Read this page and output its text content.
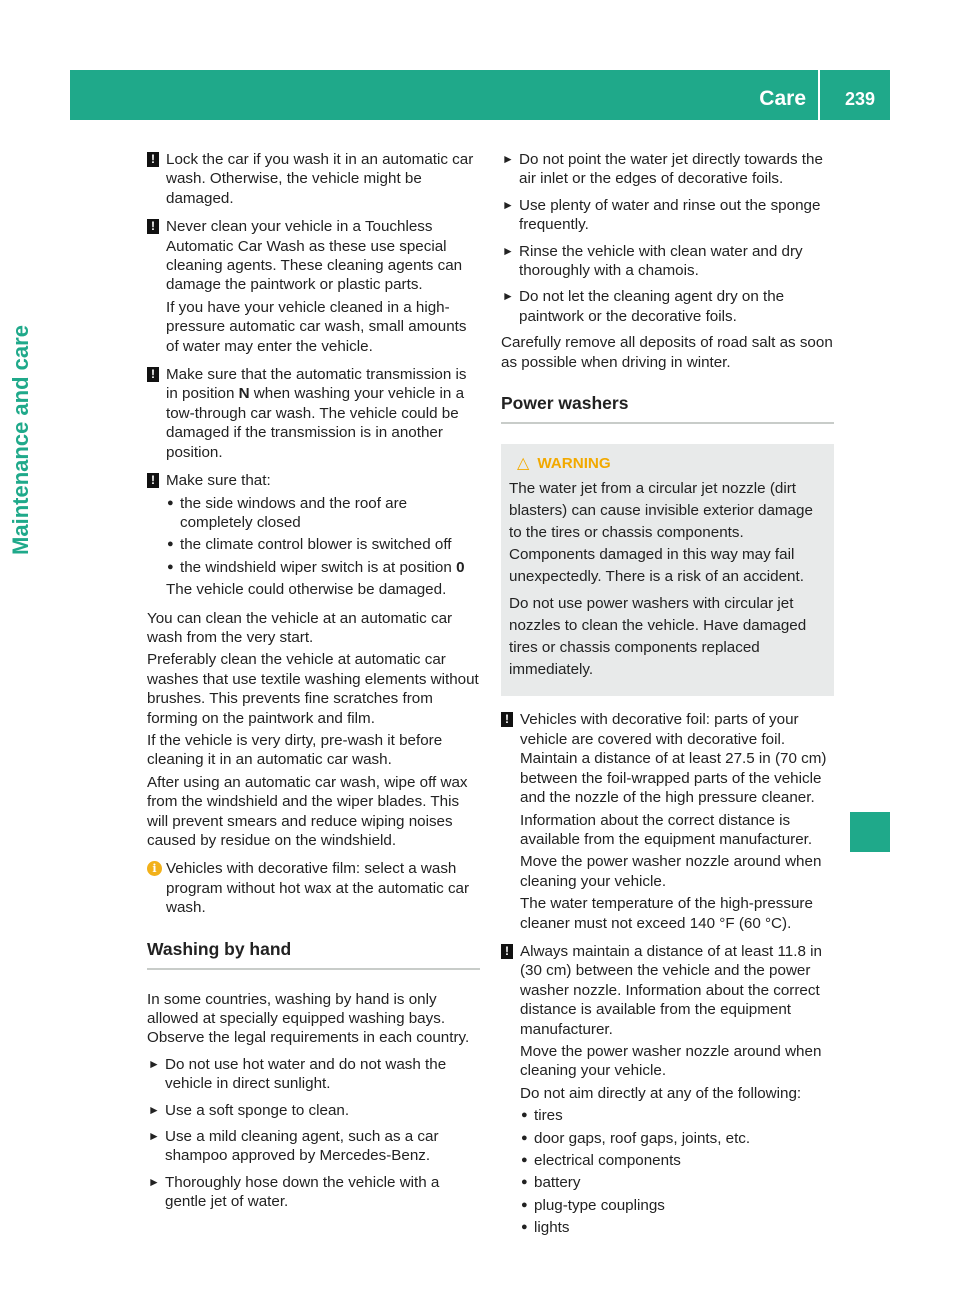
Care	239
Maintenance and care
! Lock the car if you wash it in an automatic car wash. Otherwise, the vehicle might be damaged.

! Never clean your vehicle in a Touchless Automatic Car Wash as these use special cleaning agents. These cleaning agents can damage the paintwork or plastic parts.

If you have your vehicle cleaned in a high-pressure automatic car wash, small amounts of water may enter the vehicle.

! Make sure that the automatic transmission is in position N when washing your vehicle in a tow-through car wash. The vehicle could be damaged if the transmission is in another position.

! Make sure that:

● the side windows and the roof are completely closed
● the climate control blower is switched off
● the windshield wiper switch is at position 0

The vehicle could otherwise be damaged.

You can clean the vehicle at an automatic car wash from the very start.

Preferably clean the vehicle at automatic car washes that use textile washing elements without brushes. This prevents fine scratches from forming on the paintwork and film.

If the vehicle is very dirty, pre-wash it before cleaning it in an automatic car wash.

After using an automatic car wash, wipe off wax from the windshield and the wiper blades. This will prevent smears and reduce wiping noises caused by residue on the windshield.

i Vehicles with decorative film: select a wash program without hot wax at the automatic car wash.

Washing by hand

In some countries, washing by hand is only allowed at specially equipped washing bays. Observe the legal requirements in each country.

► Do not use hot water and do not wash the vehicle in direct sunlight.
► Use a soft sponge to clean.
► Use a mild cleaning agent, such as a car shampoo approved by Mercedes-Benz.
► Thoroughly hose down the vehicle with a gentle jet of water.
► Do not point the water jet directly towards the air inlet or the edges of decorative foils.
► Use plenty of water and rinse out the sponge frequently.
► Rinse the vehicle with clean water and dry thoroughly with a chamois.
► Do not let the cleaning agent dry on the paintwork or the decorative foils.

Carefully remove all deposits of road salt as soon as possible when driving in winter.

Power washers
△ WARNING

The water jet from a circular jet nozzle (dirt blasters) can cause invisible exterior damage to the tires or chassis components. Components damaged in this way may fail unexpectedly. There is a risk of an accident.

Do not use power washers with circular jet nozzles to clean the vehicle. Have damaged tires or chassis components replaced immediately.

! Vehicles with decorative foil: parts of your vehicle are covered with decorative foil. Maintain a distance of at least 27.5 in (70 cm) between the foil-wrapped parts of the vehicle and the nozzle of the high pressure cleaner.

Information about the correct distance is available from the equipment manufacturer.

Move the power washer nozzle around when cleaning your vehicle.

The water temperature of the high-pressure cleaner must not exceed 140 °F (60 °C).

! Always maintain a distance of at least 11.8 in (30 cm) between the vehicle and the power washer nozzle. Information about the correct distance is available from the equipment manufacturer.

Move the power washer nozzle around when cleaning your vehicle.

Do not aim directly at any of the following:

● tires
● door gaps, roof gaps, joints, etc.
● electrical components
● battery
● plug-type couplings
● lights
